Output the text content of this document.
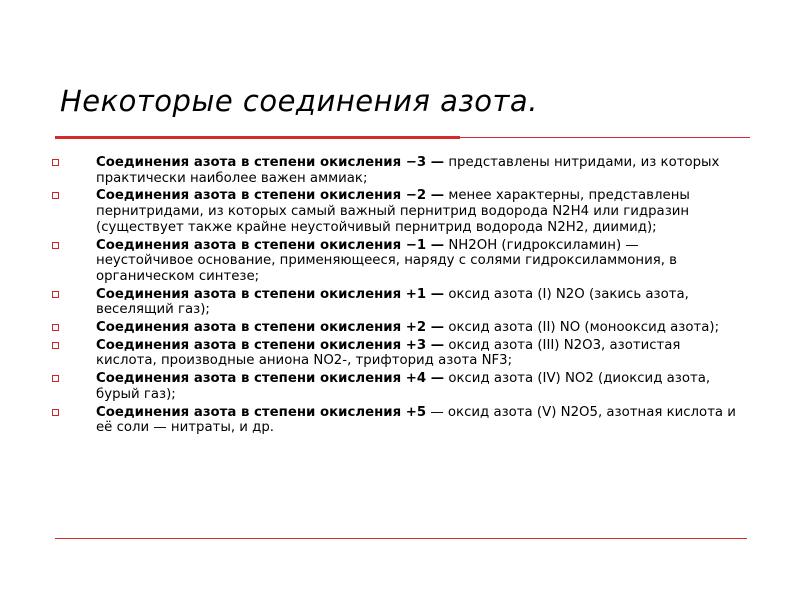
Некоторые соединения азота.
Соединения азота в степени окисления −3 — представлены нитридами, из которых практически наиболее важен аммиак;
Соединения азота в степени окисления −2 — менее характерны, представлены пернитридами, из которых самый важный пернитрид водорода N2H4 или гидразин (существует также крайне неустойчивый пернитрид водорода N2H2, диимид);
Соединения азота в степени окисления −1 — NH2OH (гидроксиламин) — неустойчивое основание, применяющееся, наряду с солями гидроксиламмония, в органическом синтезе;
Соединения азота в степени окисления +1 — оксид азота (I) N2O (закись азота, веселящий газ);
Соединения азота в степени окисления +2 — оксид азота (II) NO (монооксид азота);
Соединения азота в степени окисления +3 — оксид азота (III) N2O3, азотистая кислота, производные аниона NO2-, трифторид азота NF3;
Соединения азота в степени окисления +4 — оксид азота (IV) NO2 (диоксид азота, бурый газ);
Соединения азота в степени окисления +5 — оксид азота (V) N2O5, азотная кислота и её соли — нитраты, и др.
